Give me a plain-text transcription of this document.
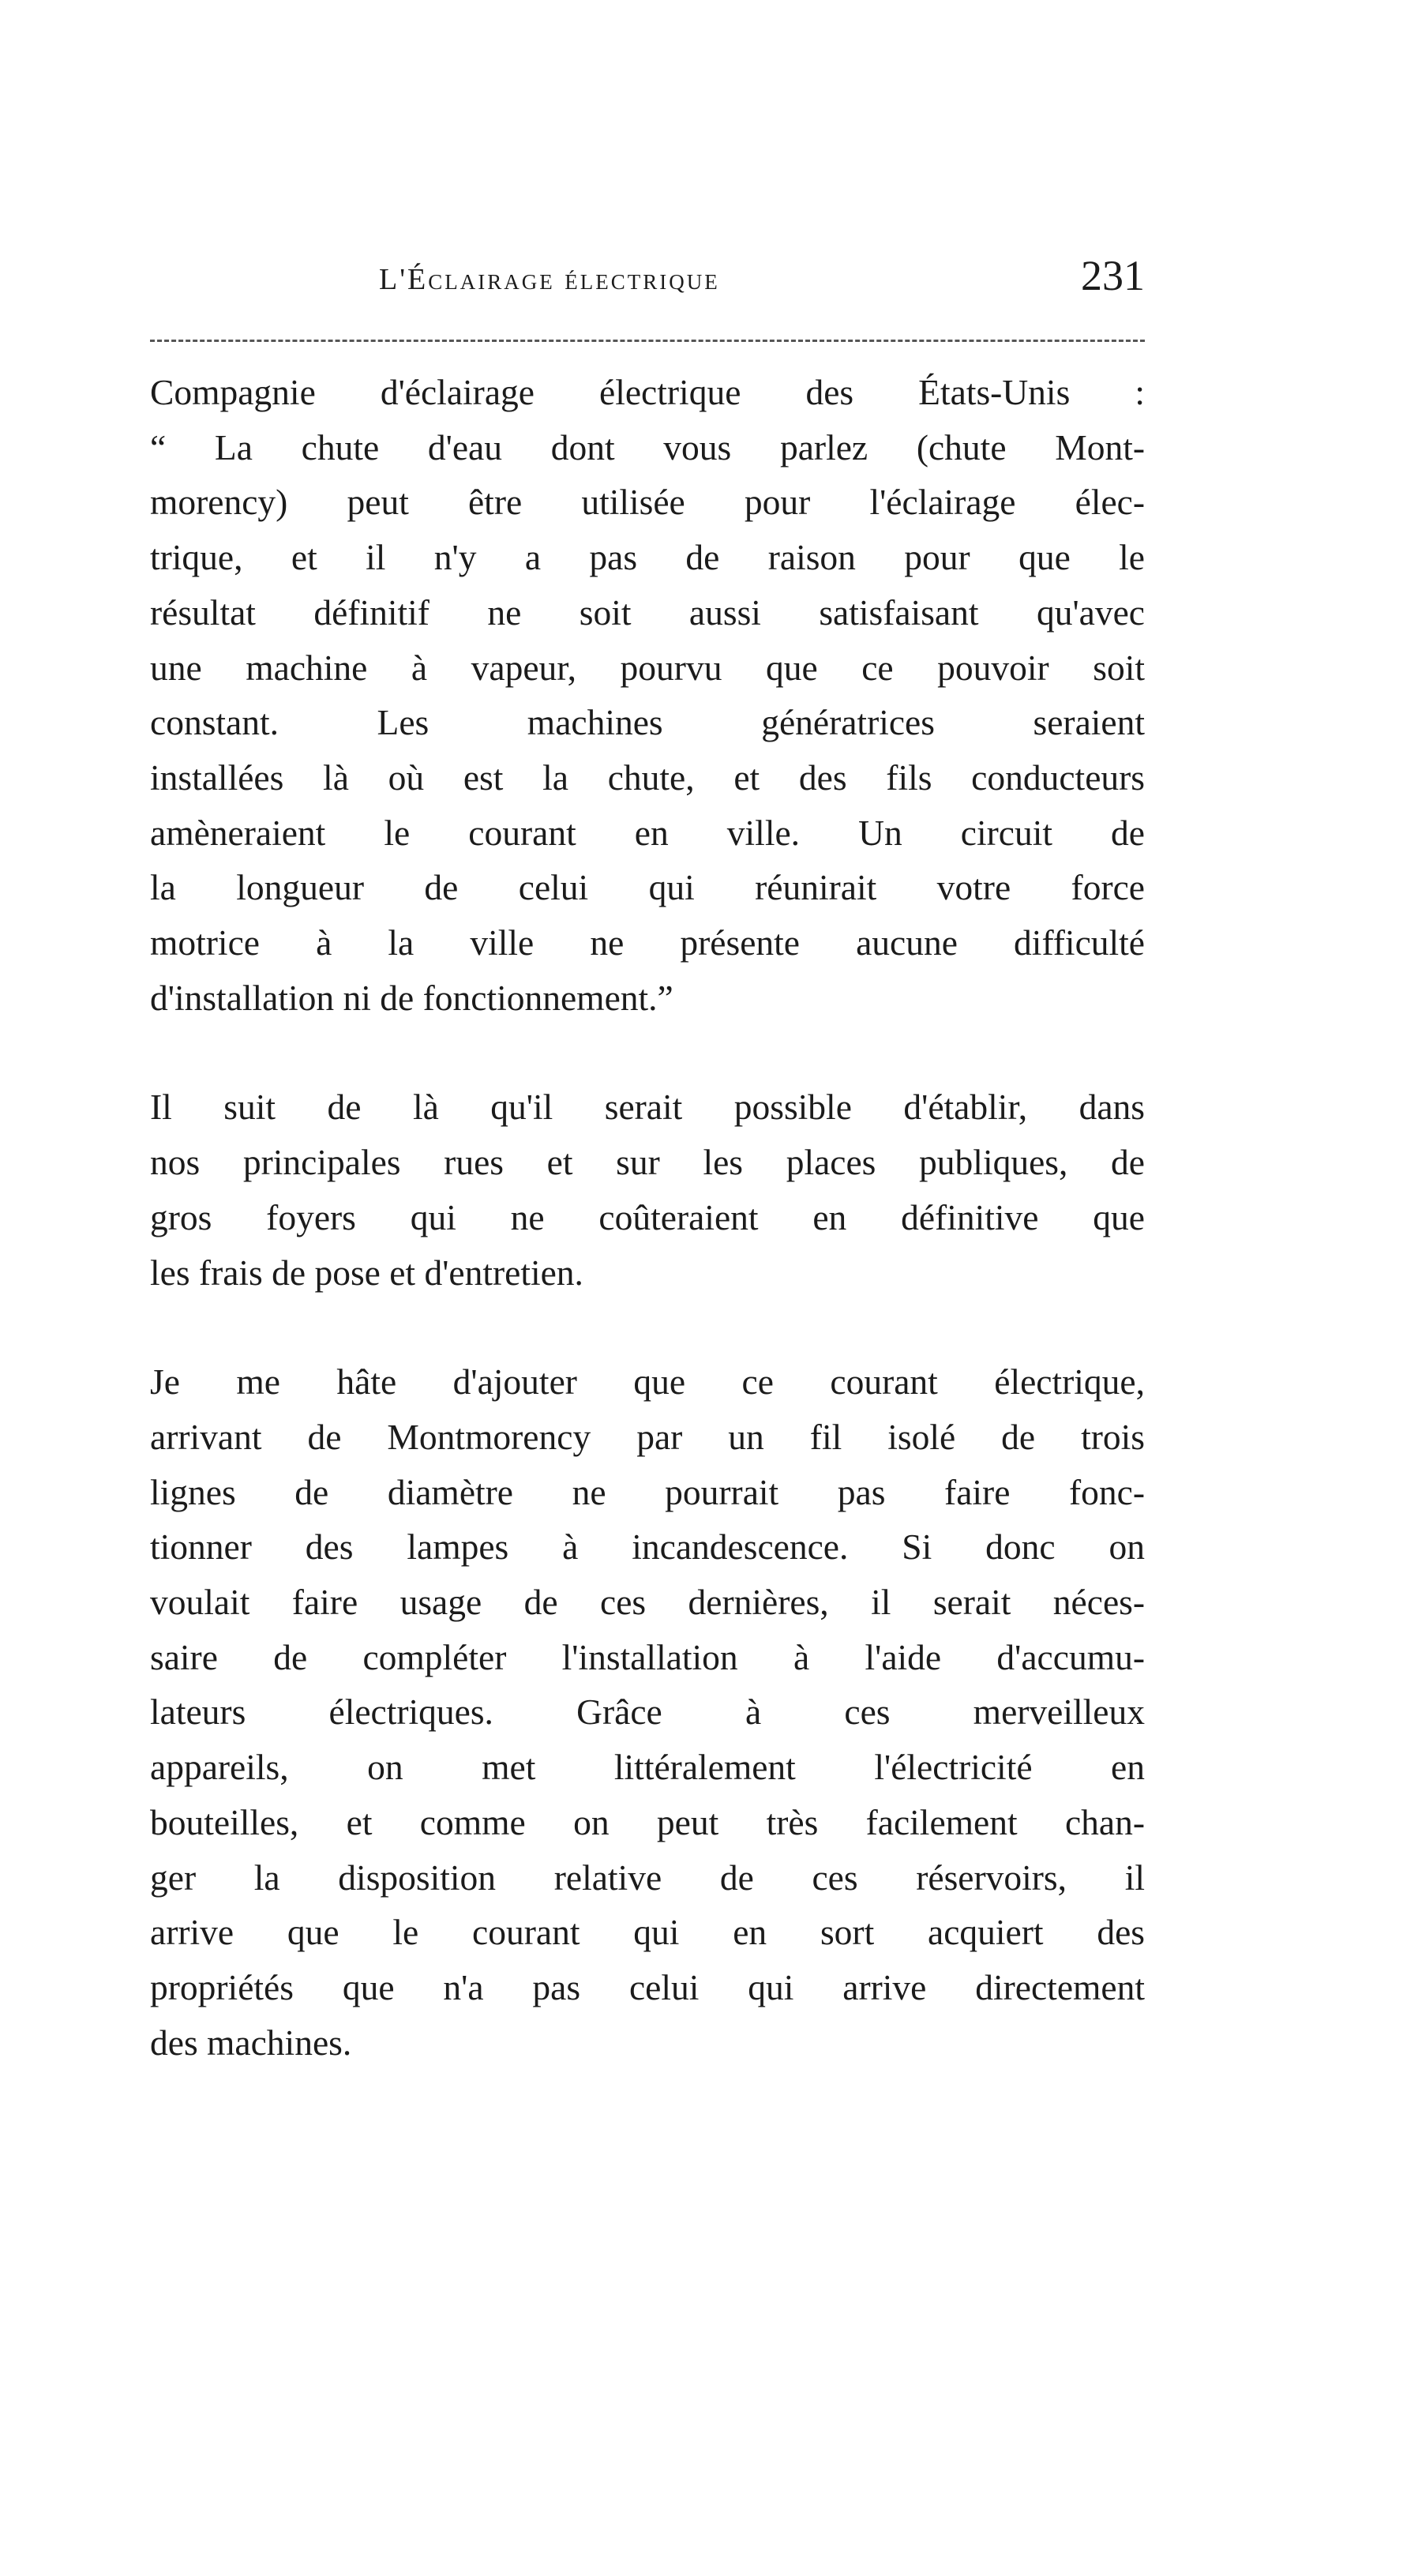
L'Éclairage électrique	231

Compagnie d'éclairage électrique des États-Unis :
“ La chute d'eau dont vous parlez (chute Mont-
morency) peut être utilisée pour l'éclairage élec-
trique, et il n'y a pas de raison pour que le
résultat définitif ne soit aussi satisfaisant qu'avec
une machine à vapeur, pourvu que ce pouvoir soit
constant. Les machines génératrices seraient
installées là où est la chute, et des fils conducteurs
amèneraient le courant en ville. Un circuit de
la longueur de celui qui réunirait votre force
motrice à la ville ne présente aucune difficulté
d'installation ni de fonctionnement.”

Il suit de là qu'il serait possible d'établir, dans
nos principales rues et sur les places publiques, de
gros foyers qui ne coûteraient en définitive que
les frais de pose et d'entretien.

Je me hâte d'ajouter que ce courant électrique,
arrivant de Montmorency par un fil isolé de trois
lignes de diamètre ne pourrait pas faire fonc-
tionner des lampes à incandescence. Si donc on
voulait faire usage de ces dernières, il serait néces-
saire de compléter l'installation à l'aide d'accumu-
lateurs électriques. Grâce à ces merveilleux
appareils, on met littéralement l'électricité en
bouteilles, et comme on peut très facilement chan-
ger la disposition relative de ces réservoirs, il
arrive que le courant qui en sort acquiert des
propriétés que n'a pas celui qui arrive directement
des machines.
